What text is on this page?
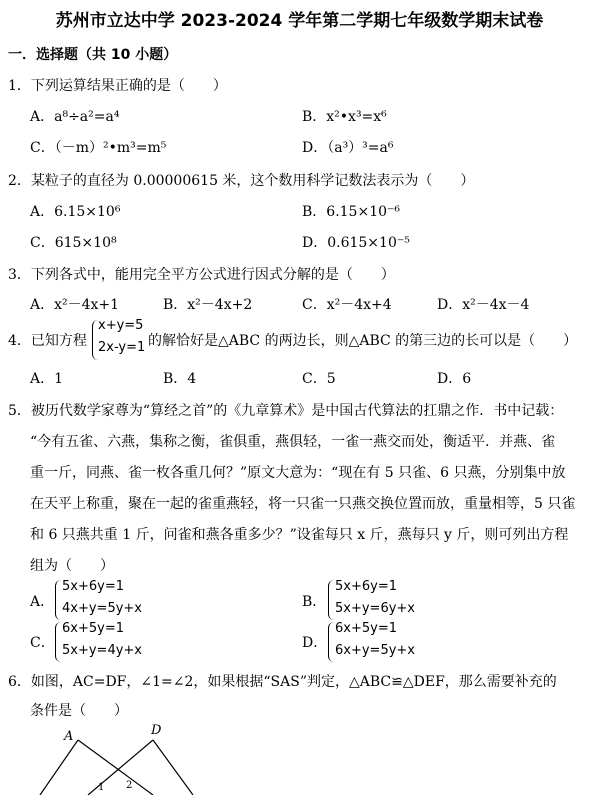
苏州市立达中学 2023-2024 学年第二学期七年级数学期末试卷
一．选择题（共 10 小题）
1．下列运算结果正确的是（　　）
A．a⁸÷a²=a⁴	B．x²•x³=x⁶
C．（－m）²•m³=m⁵	D．（a³）³=a⁶
2．某粒子的直径为 0.00000615 米，这个数用科学记数法表示为（　　）
A．6.15×10⁶	B．6.15×10⁻⁶
C．615×10⁸	D．0.615×10⁻⁵
3．下列各式中，能用完全平方公式进行因式分解的是（　　）
A．x²－4x+1	B．x²－4x+2	C．x²－4x+4	D．x²－4x－4
4．已知方程
x+y=5
2x-y=1 的解恰好是△ABC 的两边长，则△ABC 的第三边的长可以是（　　）
A．1	B．4	C．5	D．6
5．被历代数学家尊为“算经之首”的《九章算术》是中国古代算法的扛鼎之作．书中记载：
“今有五雀、六燕，集称之衡，雀俱重，燕俱轻，一雀一燕交而处，衡适平．并燕、雀
重一斤，同燕、雀一枚各重几何？”原文大意为：“现在有 5 只雀、6 只燕，分别集中放
在天平上称重，聚在一起的雀重燕轻，将一只雀一只燕交换位置而放，重量相等，5 只雀
和 6 只燕共重 1 斤，问雀和燕各重多少？”设雀每只 x 斤，燕每只 y 斤，则可列出方程
组为（　　）
A．
5x+6y=1
4x+y=5y+x	B．
5x+6y=1
5x+y=6y+x
C．
6x+5y=1
5x+y=4y+x	D．
6x+5y=1
6x+y=5y+x
6．如图，AC=DF，∠1=∠2，如果根据“SAS”判定，△ABC≌△DEF，那么需要补充的
条件是（　　）
A	D
1 2
